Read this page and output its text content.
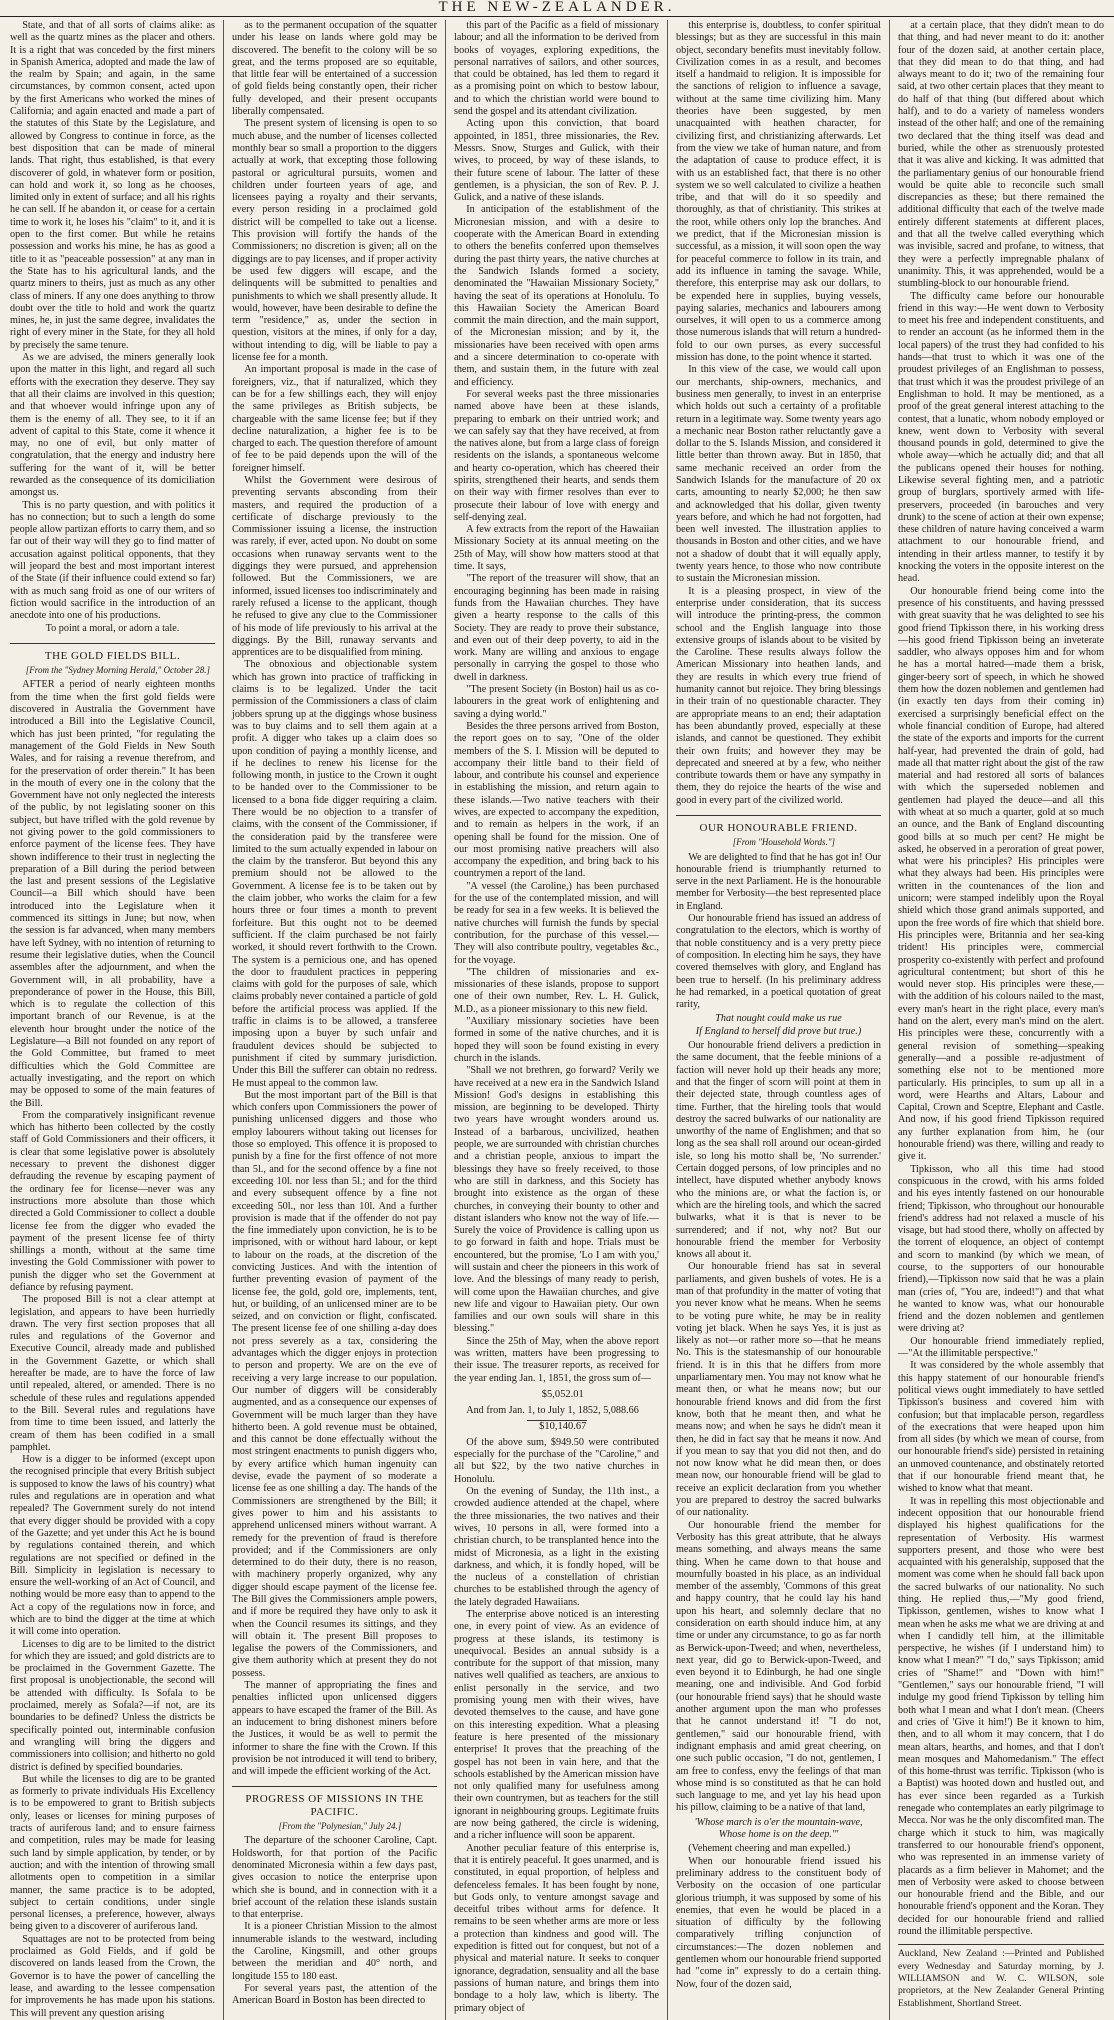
THE NEW-ZEALANDER.

State, and that of all sorts of claims alike: as well as the quartz mines as the placer and others. It is a right that was conceded by the first miners in Spanish America, adopted and made the law of the realm by Spain; and again, in the same circumstances, by common consent, acted upon by the first Americans who worked the mines of California; and again enacted and made a part of the statutes of this State by the Legislature, and allowed by Congress to continue in force, as the best disposition that can be made of mineral lands. That right, thus established, is that every discoverer of gold, in whatever form or position, can hold and work it, so long as he chooses, limited only in extent of surface; and all his rights he can sell. If he abandon it, or cease for a certain time to work it, he loses his "claim" to it, and it is open to the first comer. But while he retains possession and works his mine, he has as good a title to it as "peaceable possession" at any man in the State has to his agricultural lands, and the quartz miners to theirs, just as much as any other class of miners. If any one does anything to throw doubt over the title to hold and work the quartz mines, he, in just the same degree, invalidates the right of every miner in the State, for they all hold by precisely the same tenure.

As we are advised, the miners generally look upon the matter in this light, and regard all such efforts with the execration they deserve. They say that all their claims are involved in this question; and that whoever would infringe upon any of them is the enemy of all. They see, to it if an advent of capital to this State, come it whence it may, no one of evil, but only matter of congratulation, that the energy and industry here suffering for the want of it, will be better rewarded as the consequence of its domiciliation amongst us.

This is no party question, and with politics it has no connection; but to such a length do some people allow partizan efforts to carry them, and so far out of their way will they go to find matter of accusation against political opponents, that they will jeopard the best and most important interest of the State (if their influence could extend so far) with as much sang froid as one of our writers of fiction would sacrifice in the introduction of an anecdote into one of his productions.

To point a moral, or adorn a tale.

THE GOLD FIELDS BILL.

[From the "Sydney Morning Herald," October 28.]

AFTER a period of nearly eighteen months from the time when the first gold fields were discovered in Australia the Government have introduced a Bill into the Legislative Council, which has just been printed, "for regulating the management of the Gold Fields in New South Wales, and for raising a revenue therefrom, and for the preservation of order therein." It has been in the mouth of every one in the colony that the Government have not only neglected the interests of the public, by not legislating sooner on this subject, but have trifled with the gold revenue by not giving power to the gold commissioners to enforce payment of the license fees. They have shown indifference to their trust in neglecting the preparation of a Bill during the period between the last and present sessions of the Legislative Council—a Bill which should have been introduced into the Legislature when it commenced its sittings in June; but now, when the session is far advanced, when many members have left Sydney, with no intention of returning to resume their legislative duties, when the Council assembles after the adjournment, and when the Government will, in all probability, have a preponderance of power in the House, this Bill, which is to regulate the collection of this important branch of our Revenue, is at the eleventh hour brought under the notice of the Legislature—a Bill not founded on any report of the Gold Committee, but framed to meet difficulties which the Gold Committee are actually investigating, and the report on which may be opposed to some of the main features of the Bill.

From the comparatively insignificant revenue which has hitherto been collected by the costly staff of Gold Commissioners and their officers, it is clear that some legislative power is absolutely necessary to prevent the dishonest digger defrauding the revenue by escaping payment of the ordinary fee for license—never was any instructions more absolute than those which directed a Gold Commissioner to collect a double license fee from the digger who evaded the payment of the present license fee of thirty shillings a month, without at the same time investing the Gold Commissioner with power to punish the digger who set the Government at defiance by refusing payment.

The proposed Bill is not a clear attempt at legislation, and appears to have been hurriedly drawn. The very first section proposes that all rules and regulations of the Governor and Executive Council, already made and published in the Government Gazette, or which shall hereafter be made, are to have the force of law until repealed, altered, or amended. There is no schedule of these rules and regulations appended to the Bill. Several rules and regulations have from time to time been issued, and latterly the cream of them has been codified in a small pamphlet.

How is a digger to be informed (except upon the recognised principle that every British subject is supposed to know the laws of his country) what rules and regulations are in operation and what repealed? The Government surely do not intend that every digger should be provided with a copy of the Gazette; and yet under this Act he is bound by regulations contained therein, and which regulations are not specified or defined in the Bill. Simplicity in legislation is necessary to ensure the well-working of an Act of Council, and nothing would be more easy than to append to the Act a copy of the regulations now in force, and which are to bind the digger at the time at which it will come into operation.

Licenses to dig are to be limited to the district for which they are issued; and gold districts are to be proclaimed in the Government Gazette. The first proposal is unobjectionable, the second will be attended with difficulty. Is Sofala to be proclaimed, merely as Sofala?—if not, are its boundaries to be defined? Unless the districts be specifically pointed out, interminable confusion and wrangling will bring the diggers and commissioners into collision; and hitherto no gold district is defined by specified boundaries.

But while the licenses to dig are to be granted as formerly to private individuals His Excellency is to be empowered to grant to British subjects only, leases or licenses for mining purposes of tracts of auriferous land; and to ensure fairness and competition, rules may be made for leasing such land by simple application, by tender, or by auction; and with the intention of throwing small allotments open to competition in a similar manner, the same practice is to be adopted, subject to certain conditions, under single personal licenses, a preference, however, always being given to a discoverer of auriferous land.

Squattages are not to be protected from being proclaimed as Gold Fields, and if gold be discovered on lands leased from the Crown, the Governor is to have the power of cancelling the lease, and awarding to the lessee compensation for improvements he has made upon his stations. This will prevent any question arising

as to the permanent occupation of the squatter under his lease on lands where gold may be discovered. The benefit to the colony will be so great, and the terms proposed are so equitable, that little fear will be entertained of a succession of gold fields being constantly open, their richer fully developed, and their present occupants liberally compensated.

The present system of licensing is open to so much abuse, and the number of licenses collected monthly bear so small a proportion to the diggers actually at work, that excepting those following pastoral or agricultural pursuits, women and children under fourteen years of age, and licensees paying a royalty and their servants, every person residing in a proclaimed gold district will be compelled to take out a license. This provision will fortify the hands of the Commissioners; no discretion is given; all on the diggings are to pay licenses, and if proper activity be used few diggers will escape, and the delinquents will be submitted to penalties and punishments to which we shall presently allude. It would, however, have been desirable to define the term "residence," as, under the section in question, visitors at the mines, if only for a day, without intending to dig, will be liable to pay a license fee for a month.

An important proposal is made in the case of foreigners, viz., that if naturalized, which they can be for a few shillings each, they will enjoy the same privileges as British subjects, be chargeable with the same license fee; but if they decline naturalization, a higher fee is to be charged to each. The question therefore of amount of fee to be paid depends upon the will of the foreigner himself.

Whilst the Government were desirous of preventing servants absconding from their masters, and required the production of a certificate of discharge previously to the Commissioner issuing a license, the instruction was rarely, if ever, acted upon. No doubt on some occasions when runaway servants went to the diggings they were pursued, and apprehension followed. But the Commissioners, we are informed, issued licenses too indiscriminately and rarely refused a license to the applicant, though he refused to give any clue to the Commissioner of his mode of life previously to his arrival at the diggings. By the Bill, runaway servants and apprentices are to be disqualified from mining.

The obnoxious and objectionable system which has grown into practice of trafficking in claims is to be legalized. Under the tacit permission of the Commissioners a class of claim jobbers sprung up at the diggings whose business was to buy claims and to sell them again at a profit. A digger who takes up a claim does so upon condition of paying a monthly license, and if he declines to renew his license for the following month, in justice to the Crown it ought to be handed over to the Commissioner to be licensed to a bona fide digger requiring a claim. There would be no objection to a transfer of claims, with the consent of the Commissioner, if the consideration paid by the transferee were limited to the sum actually expended in labour on the claim by the transferor. But beyond this any premium should not be allowed to the Government. A license fee is to be taken out by the claim jobber, who works the claim for a few hours three or four times a month to prevent forfeiture. But this ought not to be deemed sufficient. If the claim purchased be not fairly worked, it should revert forthwith to the Crown. The system is a pernicious one, and has opened the door to fraudulent practices in peppering claims with gold for the purposes of sale, which claims probably never contained a particle of gold before the artificial process was applied. If the traffic in claims is to be allowed, a transferee imposing upon a buyer by such unfair and fraudulent devices should be subjected to punishment if cited by summary jurisdiction. Under this Bill the sufferer can obtain no redress. He must appeal to the common law.

But the most important part of the Bill is that which confers upon Commissioners the power of punishing unlicensed diggers and those who employ labourers without taking out licenses for those so employed. This offence it is proposed to punish by a fine for the first offence of not more than 5l., and for the second offence by a fine not exceeding 10l. nor less than 5l.; and for the third and every subsequent offence by a fine not exceeding 50l., nor less than 10l. And a further provision is made that if the offender do not pay the fine immediately upon conviction, he is to be imprisoned, with or without hard labour, or kept to labour on the roads, at the discretion of the convicting Justices. And with the intention of further preventing evasion of payment of the license fee, the gold, gold ore, implements, tent, hut, or building, of an unlicensed miner are to be seized, and on conviction or flight, confiscated. The present license fee of one shilling a-day does not press severely as a tax, considering the advantages which the digger enjoys in protection to person and property. We are on the eve of receiving a very large increase to our population. Our number of diggers will be considerably augmented, and as a consequence our expenses of Government will be much larger than they have hitherto been. A gold revenue must be obtained, and this cannot be done effectually without the most stringent enactments to punish diggers who, by every artifice which human ingenuity can devise, evade the payment of so moderate a license fee as one shilling a day. The hands of the Commissioners are strengthened by the Bill; it gives power to him and his assistants to apprehend unlicensed miners without warrant. A remedy for the prevention of fraud is therefore provided; and if the Commissioners are only determined to do their duty, there is no reason, with machinery properly organized, why any digger should escape payment of the license fee. The Bill gives the Commissioners ample powers, and if more be required they have only to ask it when the Council resumes its sittings, and they will obtain it. The present Bill proposes to legalise the powers of the Commissioners, and give them authority which at present they do not possess.

The manner of appropriating the fines and penalties inflicted upon unlicensed diggers appears to have escaped the framer of the Bill. As an inducement to bring dishonest miners before the Justices, it would be as well to permit the informer to share the fine with the Crown. If this provision be not introduced it will tend to bribery, and will impede the efficient working of the Act.

PROGRESS OF MISSIONS IN THE PACIFIC.

[From the "Polynesian," July 24.]

The departure of the schooner Caroline, Capt. Holdsworth, for that portion of the Pacific denominated Micronesia within a few days past, gives occasion to notice the enterprise upon which she is bound, and in connection with it a brief account of the relation these islands sustain to that enterprise.

It is a pioneer Christian Mission to the almost innumerable islands to the westward, including the Caroline, Kingsmill, and other groups between the meridian and 40° north, and longitude 155 to 180 east.

For several years past, the attention of the American Board in Boston has been directed to

this part of the Pacific as a field of missionary labour; and all the information to be derived from books of voyages, exploring expeditions, the personal narratives of sailors, and other sources, that could be obtained, has led them to regard it as a promising point on which to bestow labour, and to which the christian world were bound to send the gospel and its attendant civilization.

Acting upon this conviction, that board appointed, in 1851, three missionaries, the Rev. Messrs. Snow, Sturges and Gulick, with their wives, to proceed, by way of these islands, to their future scene of labour. The latter of these gentlemen, is a physician, the son of Rev. P. J. Gulick, and a native of these islands.

In anticipation of the establishment of the Micronesian mission, and with a desire to cooperate with the American Board in extending to others the benefits conferred upon themselves during the past thirty years, the native churches at the Sandwich Islands formed a society, denominated the "Hawaiian Missionary Society," having the seat of its operations at Honolulu. To this Hawaiian Society the American Board commit the main direction, and the main support, of the Micronesian mission; and by it, the missionaries have been received with open arms and a sincere determination to co-operate with them, and sustain them, in the future with zeal and efficiency.

For several weeks past the three missionaries named above have been at these islands, preparing to embark on their untried work; and we can safely say that they have received, at from the natives alone, but from a large class of foreign residents on the islands, a spontaneous welcome and hearty co-operation, which has cheered their spirits, strengthened their hearts, and sends them on their way with firmer resolves than ever to prosecute their labour of love with energy and self-denying zeal.

A few extracts from the report of the Hawaiian Missionary Society at its annual meeting on the 25th of May, will show how matters stood at that time. It says,

"The report of the treasurer will show, that an encouraging beginning has been made in raising funds from the Hawaiian churches. They have given a hearty response to the calls of this Society. They are ready to prove their substance, and even out of their deep poverty, to aid in the work. Many are willing and anxious to engage personally in carrying the gospel to those who dwell in darkness.

"The present Society (in Boston) hail us as co-labourers in the great work of enlightening and saving a dying world."

Besides the three persons arrived from Boston, the report goes on to say, "One of the older members of the S. I. Mission will be deputed to accompany their little band to their field of labour, and contribute his counsel and experience in establishing the mission, and return again to these islands.—Two native teachers with their wives, are expected to accompany the expedition, and to remain as helpers in the work, if an opening shall be found for the mission. One of our most promising native preachers will also accompany the expedition, and bring back to his countrymen a report of the land.

"A vessel (the Caroline,) has been purchased for the use of the contemplated mission, and will be ready for sea in a few weeks. It is believed the native churches will furnish the funds by special contribution, for the purchase of this vessel.—They will also contribute poultry, vegetables &c., for the voyage.

"The children of missionaries and ex-missionaries of these islands, propose to support one of their own number, Rev. L. H. Gulick, M.D., as a pioneer missionary to this new field.

"Auxiliary missionary societies have been formed in some of the native churches, and it is hoped they will soon be found existing in every church in the islands.

"Shall we not brethren, go forward? Verily we have received at a new era in the Sandwich Island Mission! God's designs in establishing this mission, are beginning to be developed. Thirty two years have wrought wonders around us. Instead of a barbarous, uncivilized, heathen people, we are surrounded with christian churches and a christian people, anxious to impart the blessings they have so freely received, to those who are still in darkness, and this Society has brought into existence as the organ of these churches, in conveying their bounty to other and distant islanders who know not the way of life.—Surely the voice of Providence is calling upon us to go forward in faith and hope. Trials must be encountered, but the promise, 'Lo I am with you,' will sustain and cheer the pioneers in this work of love. And the blessings of many ready to perish, will come upon the Hawaiian churches, and give new life and vigour to Hawaiian piety. Our own families and our own souls will share in this blessing."

Since the 25th of May, when the above report was written, matters have been progressing to their issue. The treasurer reports, as received for the year ending Jan. 1, 1851, the gross sum of—

$5,052.01

And from Jan. 1, to July 1, 1852, 5,088.66

$10,140.67

Of the above sum, $949.50 were contributed especially for the purchase of the "Caroline," and all but $22, by the two native churches in Honolulu.

On the evening of Sunday, the 11th inst., a crowded audience attended at the chapel, where the three missionaries, the two natives and their wives, 10 persons in all, were formed into a christian church, to be transplanted hence into the midst of Micronesia, as a light in the existing darkness, and which, it is fondly hoped, will be the nucleus of a constellation of christian churches to be established through the agency of the lately degraded Hawaiians.

The enterprise above noticed is an interesting one, in every point of view. As an evidence of progress at these islands, its testimony is unequivocal. Besides an annual subsidy is a contribute for the support of that mission, many natives well qualified as teachers, are anxious to enlist personally in the service, and two promising young men with their wives, have devoted themselves to the cause, and have gone on this interesting expedition. What a pleasing feature is here presented of the missionary enterprise! It proves that the preaching of the gospel has not been in vain here, and that the schools established by the American mission have not only qualified many for usefulness among their own countrymen, but as teachers for the still ignorant in neighbouring groups. Legitimate fruits are now being gathered, the circle is widening, and a richer influence will soon be apparent.

Another peculiar feature of this enterprise is, that it is entirely peaceful. It goes unarmed, and is constituted, in equal proportion, of helpless and defenceless females. It has been fought by none, but Gods only, to venture amongst savage and deceitful tribes without arms for defence. It remains to be seen whether arms are more or less a protection than kindness and good will. The expedition is fitted out for conquest, but not of a physical and material nature. It seeks to conquer ignorance, degradation, sensuality and all the base passions of human nature, and brings them into bondage to a holy law, which is liberty. The primary object of

this enterprise is, doubtless, to confer spiritual blessings; but as they are successful in this main object, secondary benefits must inevitably follow. Civilization comes in as a result, and becomes itself a handmaid to religion. It is impossible for the sanctions of religion to influence a savage, without at the same time civilizing him. Many theories have been suggested, by men unacquainted with heathen character, for civilizing first, and christianizing afterwards. Let from the view we take of human nature, and from the adaptation of cause to produce effect, it is with us an established fact, that there is no other system we so well calculated to civilize a heathen tribe, and that will do it so speedily and thoroughly, as that of christianity. This strikes at the root, while others only lop the branches. And we predict, that if the Micronesian mission is successful, as a mission, it will soon open the way for peaceful commerce to follow in its train, and add its influence in taming the savage. While, therefore, this enterprise may ask our dollars, to be expended here in supplies, buying vessels, paying salaries, mechanics and labourers among ourselves, it will open to us a commerce among those numerous islands that will return a hundred-fold to our own purses, as every successful mission has done, to the point whence it started.

In this view of the case, we would call upon our merchants, ship-owners, mechanics, and business men generally, to invest in an enterprise which holds out such a certainty of a profitable return in a legitimate way. Some twenty years ago a mechanic near Boston rather reluctantly gave a dollar to the S. Islands Mission, and considered it little better than thrown away. But in 1850, that same mechanic received an order from the Sandwich Islands for the manufacture of 20 ox carts, amounting to nearly $2,000; he then saw and acknowledged that his dollar, given twenty years before, and which he had not forgotten, had been well invested. The illustration applies to thousands in Boston and other cities, and we have not a shadow of doubt that it will equally apply, twenty years hence, to those who now contribute to sustain the Micronesian mission.

It is a pleasing prospect, in view of the enterprise under consideration, that its success will introduce the printing-press, the common school and the English language into those extensive groups of islands about to be visited by the Caroline. These results always follow the American Missionary into heathen lands, and they are results in which every true friend of humanity cannot but rejoice. They bring blessings in their train of no questionable character. They are appropriate means to an end; their adaptation has been abundantly proved, especially at these islands, and cannot be questioned. They exhibit their own fruits; and however they may be deprecated and sneered at by a few, who neither contribute towards them or have any sympathy in them, they do rejoice the hearts of the wise and good in every part of the civilized world.

OUR HONOURABLE FRIEND.

[From "Household Words."]

We are delighted to find that he has got in! Our honourable friend is triumphantly returned to serve in the next Parliament. He is the honourable member for Verbosity—the best represented place in England.

Our honourable friend has issued an address of congratulation to the electors, which is worthy of that noble constituency and is a very pretty piece of composition. In electing him he says, they have covered themselves with glory, and England has been true to herself. (In his preliminary address he had remarked, in a poetical quotation of great rarity,

That nought could make us rue
If England to herself did prove but true.)

Our honourable friend delivers a prediction in the same document, that the feeble minions of a faction will never hold up their heads any more; and that the finger of scorn will point at them in their dejected state, through countless ages of time. Further, that the hireling tools that would destroy the sacred bulwarks of our nationality are unworthy of the name of Englishmen; and that so long as the sea shall roll around our ocean-girded isle, so long his motto shall be, 'No surrender.' Certain dogged persons, of low principles and no intellect, have disputed whether anybody knows who the minions are, or what the faction is, or which are the hireling tools, and which the sacred bulwarks, what it is that is never to be surrendered; and if not, why not? But our honourable friend the member for Verbosity knows all about it.

Our honourable friend has sat in several parliaments, and given bushels of votes. He is a man of that profundity in the matter of voting that you never know what he means. When he seems to be voting pure white, he may be in reality voting jet black. When he says Yes, it is just as likely as not—or rather more so—that he means No. This is the statesmanship of our honourable friend. It is in this that he differs from more unparliamentary men. You may not know what he meant then, or what he means now; but our honourable friend knows and did from the first know, both that he meant then, and what he means now; and when he says he didn't mean it then, he did in fact say that he means it now. And if you mean to say that you did not then, and do not now know what he did mean then, or does mean now, our honourable friend will be glad to receive an explicit declaration from you whether you are prepared to destroy the sacred bulwarks of our nationality.

Our honourable friend the member for Verbosity has this great attribute, that he always means something, and always means the same thing. When he came down to that house and mournfully boasted in his place, as an individual member of the assembly, 'Commons of this great and happy country, that he could lay his hand upon his heart, and solemnly declare that no consideration on earth should induce him, at any time or under any circumstance, to go as far north as Berwick-upon-Tweed; and when, nevertheless, next year, did go to Berwick-upon-Tweed, and even beyond it to Edinburgh, he had one single meaning, one and indivisible. And God forbid (our honourable friend says) that he should waste another argument upon the man who professes that he cannot understand it! "I do not, gentlemen," said our honourable friend, with indignant emphasis and amid great cheering, on one such public occasion, "I do not, gentlemen, I am free to confess, envy the feelings of that man whose mind is so constituted as that he can hold such language to me, and yet lay his head upon his pillow, claiming to be a native of that land,

'Whose march is o'er the mountain-wave,
Whose home is on the deep.'"

(Vehement cheering and man expelled.)

When our honourable friend issued his preliminary address to the constituent body of Verbosity on the occasion of one particular glorious triumph, it was supposed by some of his enemies, that even he would be placed in a situation of difficulty by the following comparatively trifling conjunction of circumstances:—The dozen noblemen and gentlemen whom our honourable friend supported had "come in" expressly to do a certain thing. Now, four of the dozen said,

at a certain place, that they didn't mean to do that thing, and had never meant to do it: another four of the dozen said, at another certain place, that they did mean to do that thing, and had always meant to do it; two of the remaining four said, at two other certain places that they meant to do half of that thing (but differed about which half), and to do a variety of nameless wonders instead of the other half; and one of the remaining two declared that the thing itself was dead and buried, while the other as strenuously protested that it was alive and kicking. It was admitted that the parliamentary genius of our honourable friend would be quite able to reconcile such small discrepancies as these; but there remained the additional difficulty that each of the twelve made entirely different statements at different places, and that all the twelve called everything which was invisible, sacred and profane, to witness, that they were a perfectly impregnable phalanx of unanimity. This, it was apprehended, would be a stumbling-block to our honourable friend.

The difficulty came before our honourable friend in this way:—He went down to Verbosity to meet his free and independent constituents, and to render an account (as he informed them in the local papers) of the trust they had confided to his hands—that trust to which it was one of the proudest privileges of an Englishman to possess, that trust which it was the proudest privilege of an Englishman to hold. It may be mentioned, as a proof of the great general interest attaching to the contest, that a lunatic, whom nobody employed or knew, went down to Verbosity with several thousand pounds in gold, determined to give the whole away—which he actually did; and that all the publicans opened their houses for nothing. Likewise several fighting men, and a patriotic group of burglars, sportively armed with life-preservers, proceeded (in barouches and very drunk) to the scene of action at their own expense; these children of nature having conceived a warm attachment to our honourable friend, and intending in their artless manner, to testify it by knocking the voters in the opposite interest on the head.

Our honourable friend being come into the presence of his constituents, and having presssed with great suavity that he was delighted to see his good friend Tipkisson there, in his working dress—his good friend Tipkisson being an inveterate saddler, who always opposes him and for whom he has a mortal hatred—made them a brisk, ginger-beery sort of speech, in which he showed them how the dozen noblemen and gentlemen had (in exactly ten days from their coming in) exercised a surprisingly beneficial effect on the whole financial condition of Europe, had altered the state of the exports and imports for the current half-year, had prevented the drain of gold, had made all that matter right about the gist of the raw material and had restored all sorts of balances with which the superseded noblemen and gentlemen had played the deuce—and all this with wheat at so much a quarter, gold at so much an ounce, and the Bank of England discounting good bills at so much per cent? He might be asked, he observed in a peroration of great power, what were his principles? His principles were what they always had been. His principles were written in the countenances of the lion and unicorn; were stamped indelibly upon the Royal shield which those grand animals supported, and upon the free words of fire which that shield bore. His principles were, Britannia and her sea-king trident! His principles were, commercial prosperity co-existently with perfect and profound agricultural contentment; but short of this he would never stop. His principles were these,—with the addition of his colours nailed to the mast, every man's heart in the right place, every man's hand on the alert, every man's mind on the alert. His principles were these, concurrently with a general revision of something—speaking generally—and a possible re-adjustment of something else not to be mentioned more particularly. His principles, to sum up all in a word, were Hearths and Altars, Labour and Capital, Crown and Sceptre, Elephant and Castle. And now, if his good friend Tipkisson required any further explanation from him, he (our honourable friend) was there, willing and ready to give it.

Tipkisson, who all this time had stood conspicuous in the crowd, with his arms folded and his eyes intently fastened on our honourable friend; Tipkisson, who throughout our honourable friend's address had not relaxed a muscle of his visage, but had stood there, wholly on affected by the torrent of eloquence, an object of contempt and scorn to mankind (by which we mean, of course, to the supporters of our honourable friend),—Tipkisson now said that he was a plain man (cries of, "You are, indeed!") and that what he wanted to know was, what our honourable friend and the dozen noblemen and gentlemen were driving at?

Our honourable friend immediately replied,—"At the illimitable perspective."

It was considered by the whole assembly that this happy statement of our honourable friend's political views ought immediately to have settled Tipkisson's business and covered him with confusion; but that implacable person, regardless of the execrations that were heaped upon him from all sides (by which we mean of course, from our honourable friend's side) persisted in retaining an unmoved countenance, and obstinately retorted that if our honourable friend meant that, he wished to know what that meant.

It was in repelling this most objectionable and indecent opposition that our honourable friend displayed his highest qualifications for the representation of Verbosity. His warmest supporters present, and those who were best acquainted with his generalship, supposed that the moment was come when he should fall back upon the sacred bulwarks of our nationality. No such thing. He replied thus,—"My good friend, Tipkisson, gentlemen, wishes to know what I mean when he asks me what we are driving at and when I candidly tell him, at the illimitable perspective, he wishes (if I understand him) to know what I mean?" "I do," says Tipkisson; amid cries of "Shame!" and "Down with him!" "Gentlemen," says our honourable friend, "I will indulge my good friend Tipkisson by telling him both what I mean and what I don't mean. (Cheers and cries of 'Give it him!') Be it known to him, then, and to all whom it may concern, that I do mean altars, hearths, and homes, and that I don't mean mosques and Mahomedanism." The effect of this home-thrust was terrific. Tipkisson (who is a Baptist) was hooted down and hustled out, and has ever since been regarded as a Turkish renegade who contemplates an early pilgrimage to Mecca. Nor was he the only discomfited man. The charge which it stuck to him, was magically transferred to our honourable friend's opponent, who was represented in an immense variety of placards as a firm believer in Mahomet; and the men of Verbosity were asked to choose between our honourable friend and the Bible, and our honourable friend's opponent and the Koran. They decided for our honourable friend and rallied round the illimitable perspective.

Auckland, New Zealand :—Printed and Published every Wednesday and Saturday morning, by J. WILLIAMSON and W. C. WILSON, sole proprietors, at the New Zealander General Printing Establishment, Shortland Street.
